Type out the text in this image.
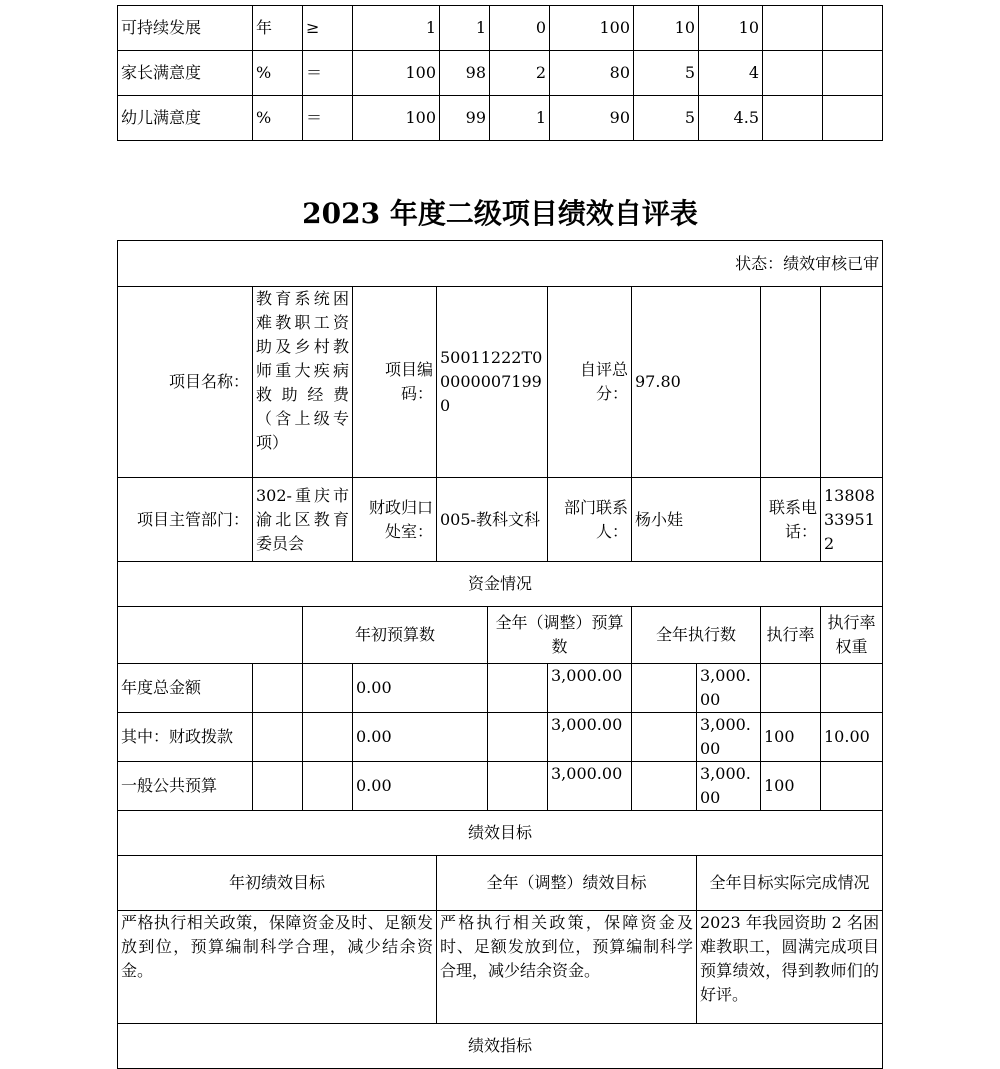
可持续发展	年	≥	1	1	0	100	10	10		
家长满意度	%	＝	100	98	2	80	5	4		
幼儿满意度	%	＝	100	99	1	90	5	4.5		
2023 年度二级项目绩效自评表
状态：绩效审核已审										
项目名称：	教育系统困难教职工资助及乡村教师重大疾病救助经费（含上级专项）		项目编码：	50011222T000000071990		自评总分：	97.80			
项目主管部门：	302-重庆市渝北区教育委员会		财政归口处室：	005-教科文科		部门联系人：	杨小娃		联系电话：	13808339512
资金情况										
		年初预算数			全年（调整）预算数		全年执行数		执行率	执行率权重
年度总金额			0.00			3,000.00		3,000.00		
其中：财政拨款			0.00			3,000.00		3,000.00	100	10.00
一般公共预算			0.00			3,000.00		3,000.00	100	
绩效目标										
年初绩效目标				全年（调整）绩效目标				全年目标实际完成情况		
严格执行相关政策，保障资金及时、足额发放到位，预算编制科学合理，减少结余资金。				严格执行相关政策，保障资金及时、足额发放到位，预算编制科学合理，减少结余资金。				2023 年我园资助 2 名困难教职工，圆满完成项目预算绩效，得到教师们的好评。		
绩效指标										
